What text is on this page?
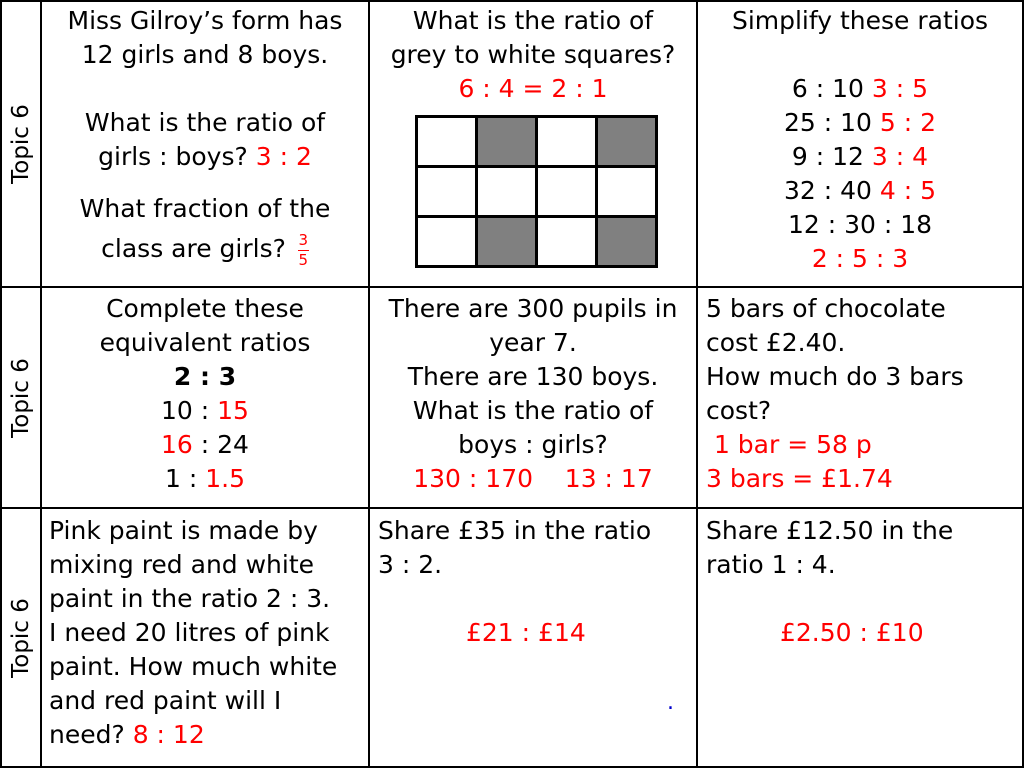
Topic 6
Topic 6
Topic 6
Miss Gilroy’s form has
12 girls and 8 boys.
What is the ratio of
girls : boys? 3 : 2
What fraction of the
class are girls? $\frac{3}{5}$
What is the ratio of
grey to white squares?
6 : 4 = 2 : 1
Simplify these ratios
6 : 10 3 : 5
25 : 10 5 : 2
9 : 12 3 : 4
32 : 40 4 : 5
12 : 30 : 18
2 : 5 : 3
Complete these
equivalent ratios
2 : 3
10 : 15
16 : 24
1 : 1.5
There are 300 pupils in
year 7.
There are 130 boys.
What is the ratio of
boys : girls?
130 : 170    13 : 17
5 bars of chocolate
cost £2.40.
How much do 3 bars
cost?
1 bar = 58 p
3 bars = £1.74
Pink paint is made by
mixing red and white
paint in the ratio 2 : 3.
I need 20 litres of pink
paint. How much white
and red paint will I
need? 8 : 12
Share £35 in the ratio
3 : 2.
£21 : £14
.
Share £12.50 in the
ratio 1 : 4.
£2.50 : £10
